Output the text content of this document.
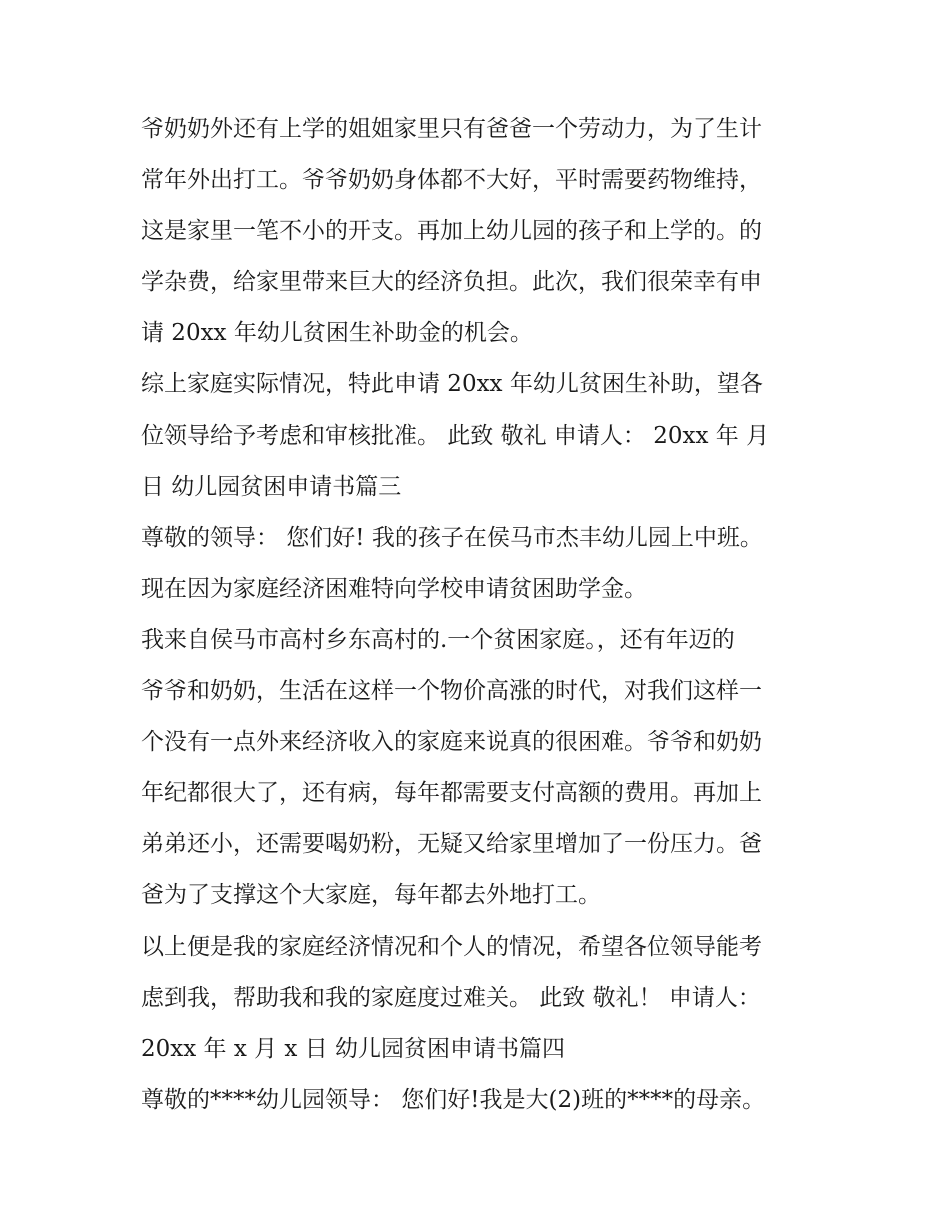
爷奶奶外还有上学的姐姐家里只有爸爸一个劳动力，为了生计
常年外出打工。爷爷奶奶身体都不大好，平时需要药物维持，
这是家里一笔不小的开支。再加上幼儿园的孩子和上学的。的
学杂费，给家里带来巨大的经济负担。此次，我们很荣幸有申
请 20xx 年幼儿贫困生补助金的机会。
综上家庭实际情况，特此申请 20xx 年幼儿贫困生补助，望各
位领导给予考虑和审核批准。 此致 敬礼 申请人： 20xx 年 月
日 幼儿园贫困申请书篇三
尊敬的领导： 您们好! 我的孩子在侯马市杰丰幼儿园上中班。
现在因为家庭经济困难特向学校申请贫困助学金。
我来自侯马市高村乡东高村的.一个贫困家庭。，还有年迈的
爷爷和奶奶，生活在这样一个物价高涨的时代，对我们这样一
个没有一点外来经济收入的家庭来说真的很困难。爷爷和奶奶
年纪都很大了，还有病，每年都需要支付高额的费用。再加上
弟弟还小，还需要喝奶粉，无疑又给家里增加了一份压力。爸
爸为了支撑这个大家庭，每年都去外地打工。
以上便是我的家庭经济情况和个人的情况，希望各位领导能考
虑到我，帮助我和我的家庭度过难关。 此致 敬礼！ 申请人：
20xx 年 x 月 x 日 幼儿园贫困申请书篇四
尊敬的****幼儿园领导： 您们好!我是大(2)班的****的母亲。
